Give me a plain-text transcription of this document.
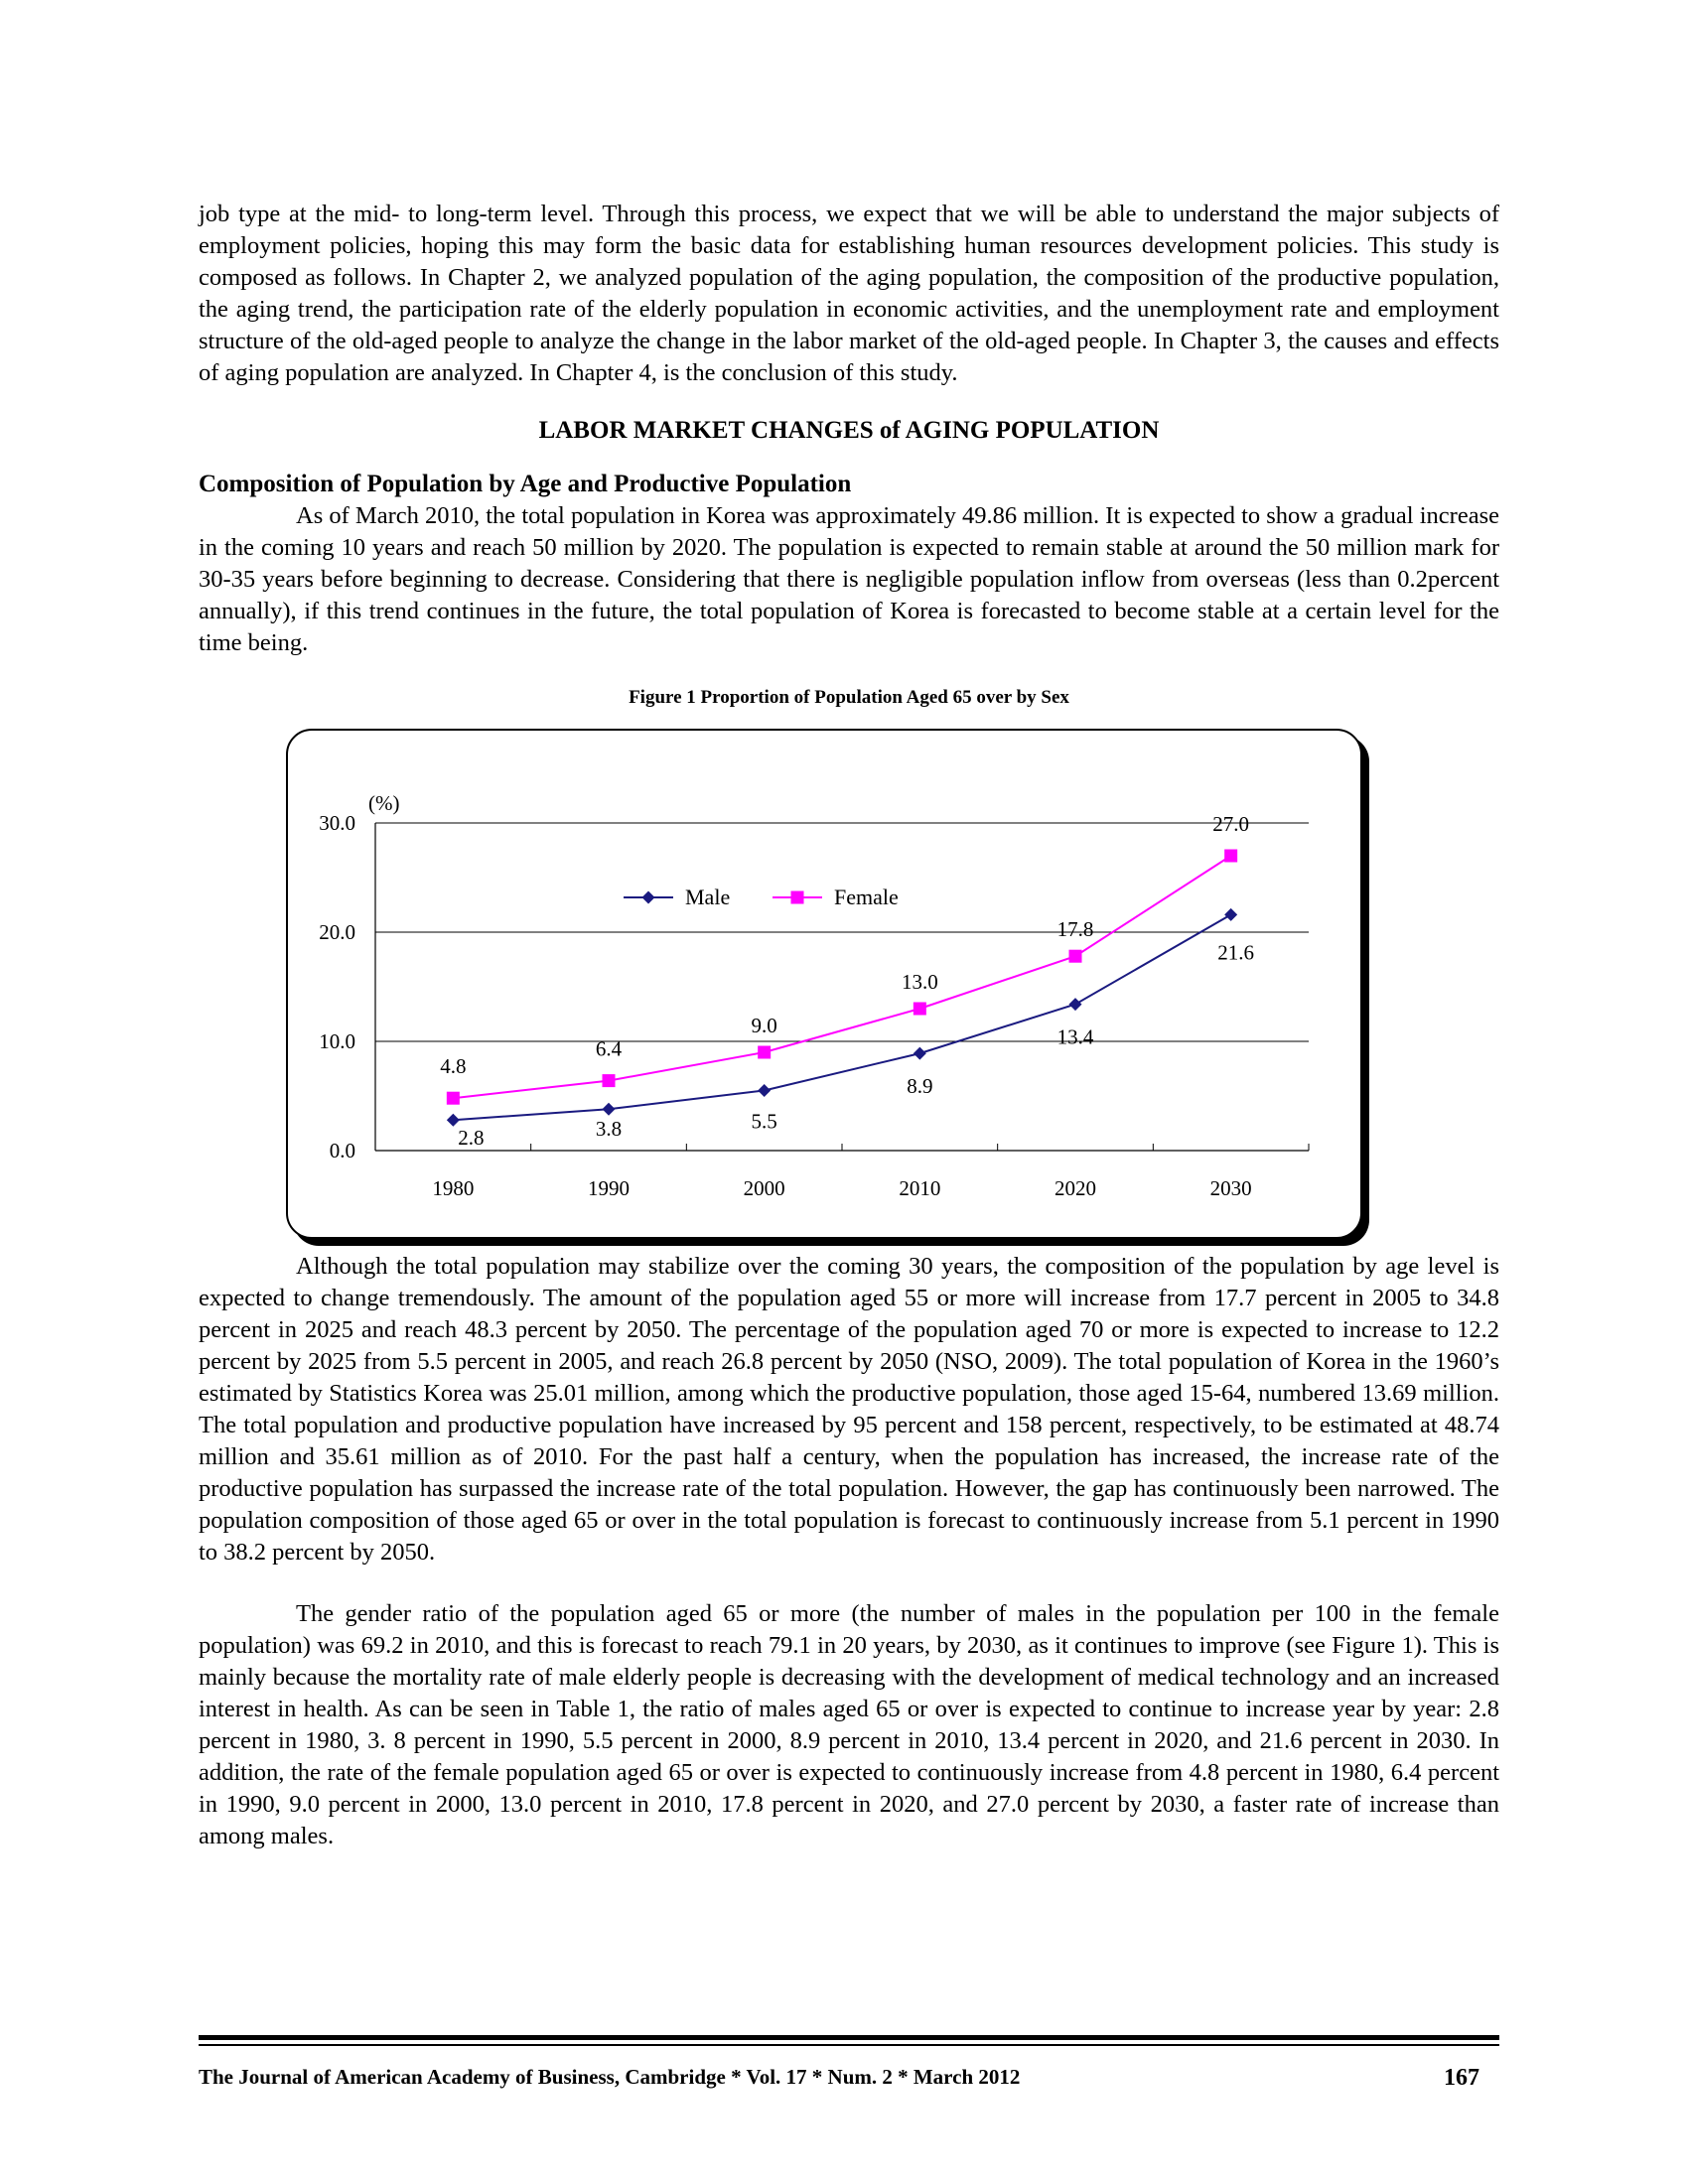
job type at the mid- to long-term level. Through this process, we expect that we will be able to understand the major subjects of employment policies, hoping this may form the basic data for establishing human resources development policies. This study is composed as follows. In Chapter 2, we analyzed population of the aging population, the composition of the productive population, the aging trend, the participation rate of the elderly population in economic activities, and the unemployment rate and employment structure of the old-aged people to analyze the change in the labor market of the old-aged people. In Chapter 3, the causes and effects of aging population are analyzed. In Chapter 4, is the conclusion of this study.

LABOR MARKET CHANGES of AGING POPULATION
Composition of Population by Age and Productive Population

As of March 2010, the total population in Korea was approximately 49.86 million. It is expected to show a gradual increase in the coming 10 years and reach 50 million by 2020. The population is expected to remain stable at around the 50 million mark for 30-35 years before beginning to decrease. Considering that there is negligible population inflow from overseas (less than 0.2percent annually), if this trend continues in the future, the total population of Korea is forecasted to become stable at a certain level for the time being.

Figure 1 Proportion of Population Aged 65 over by Sex
0.0
10.0
20.0
30.0
(%)
1980	1990	2000	2010	2020	2030
2.8	3.8	5.5
8.9
13.4
21.6
4.8
6.4
9.0
13.0
17.8
27.0
Male	Female

Although the total population may stabilize over the coming 30 years, the composition of the population by age level is expected to change tremendously. The amount of the population aged 55 or more will increase from 17.7 percent in 2005 to 34.8 percent in 2025 and reach 48.3 percent by 2050. The percentage of the population aged 70 or more is expected to increase to 12.2 percent by 2025 from 5.5 percent in 2005, and reach 26.8 percent by 2050 (NSO, 2009). The total population of Korea in the 1960’s estimated by Statistics Korea was 25.01 million, among which the productive population, those aged 15-64, numbered 13.69 million. The total population and productive population have increased by 95 percent and 158 percent, respectively, to be estimated at 48.74 million and 35.61 million as of 2010. For the past half a century, when the population has increased, the increase rate of the productive population has surpassed the increase rate of the total population. However, the gap has continuously been narrowed. The population composition of those aged 65 or over in the total population is forecast to continuously increase from 5.1 percent in 1990 to 38.2 percent by 2050.

The gender ratio of the population aged 65 or more (the number of males in the population per 100 in the female population) was 69.2 in 2010, and this is forecast to reach 79.1 in 20 years, by 2030, as it continues to improve (see Figure 1). This is mainly because the mortality rate of male elderly people is decreasing with the development of medical technology and an increased interest in health. As can be seen in Table 1, the ratio of males aged 65 or over is expected to continue to increase year by year: 2.8 percent in 1980, 3. 8 percent in 1990, 5.5 percent in 2000, 8.9 percent in 2010, 13.4 percent in 2020, and 21.6 percent in 2030. In addition, the rate of the female population aged 65 or over is expected to continuously increase from 4.8 percent in 1980, 6.4 percent in 1990, 9.0 percent in 2000, 13.0 percent in 2010, 17.8 percent in 2020, and 27.0 percent by 2030, a faster rate of increase than among males.

The Journal of American Academy of Business, Cambridge * Vol. 17 * Num. 2 * March 2012	167
